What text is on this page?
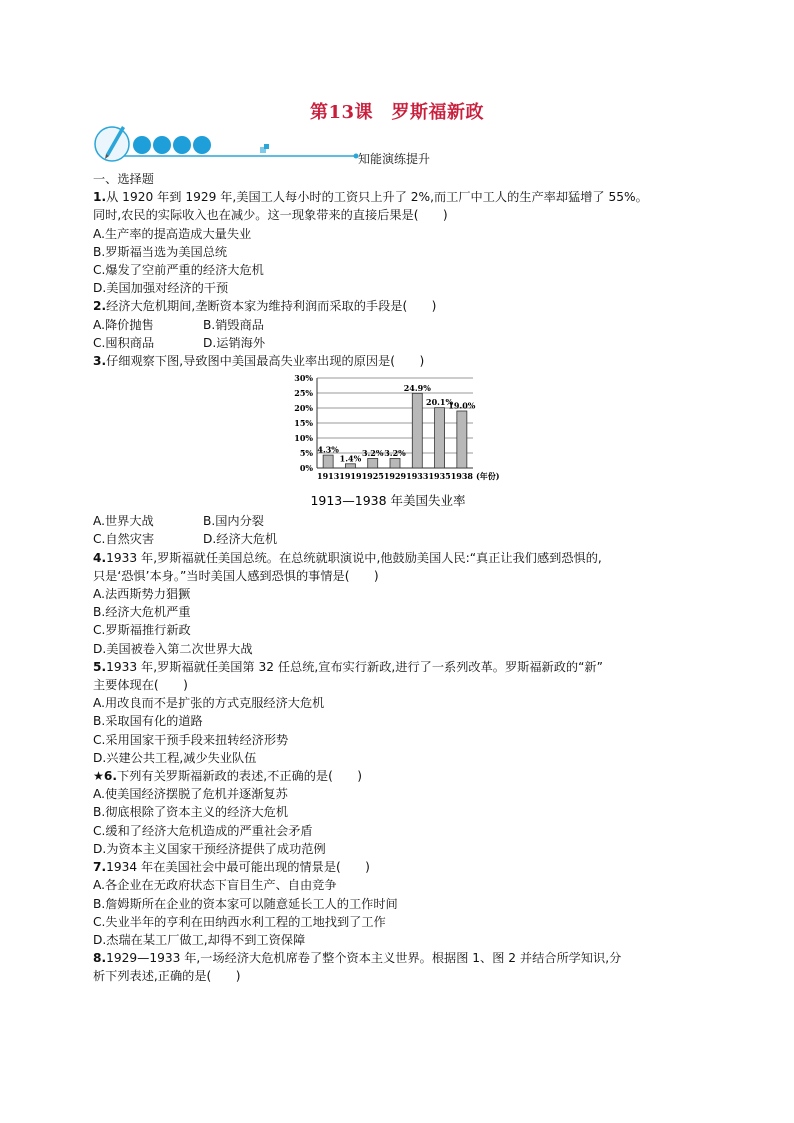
第13课　罗斯福新政
知能演练提升

一、选择题

1.从 1920 年到 1929 年,美国工人每小时的工资只上升了 2%,而工厂中工人的生产率却猛增了 55%。

同时,农民的实际收入也在减少。这一现象带来的直接后果是(　　)

A.生产率的提高造成大量失业

B.罗斯福当选为美国总统

C.爆发了空前严重的经济大危机

D.美国加强对经济的干预

2.经济大危机期间,垄断资本家为维持利润而采取的手段是(　　)

A.降价抛售	B.销毁商品

C.囤积商品	D.运销海外

3.仔细观察下图,导致图中美国最高失业率出现的原因是(　　)

0%
5%
10%
15%
20%
25%
30%
4.3%
1913
1.4%
1919
3.2%
1925
3.2%
1929
24.9%
1933
20.1%
1935
19.0%
1938 (年份)
1913—1938 年美国失业率

A.世界大战	B.国内分裂

C.自然灾害	D.经济大危机

4.1933 年,罗斯福就任美国总统。在总统就职演说中,他鼓励美国人民:“真正让我们感到恐惧的,

只是‘恐惧’本身。”当时美国人感到恐惧的事情是(　　)

A.法西斯势力猖獗

B.经济大危机严重

C.罗斯福推行新政

D.美国被卷入第二次世界大战

5.1933 年,罗斯福就任美国第 32 任总统,宣布实行新政,进行了一系列改革。罗斯福新政的“新”

主要体现在(　　)

A.用改良而不是扩张的方式克服经济大危机

B.采取国有化的道路

C.采用国家干预手段来扭转经济形势

D.兴建公共工程,减少失业队伍

★6.下列有关罗斯福新政的表述,不正确的是(　　)

A.使美国经济摆脱了危机并逐渐复苏

B.彻底根除了资本主义的经济大危机

C.缓和了经济大危机造成的严重社会矛盾

D.为资本主义国家干预经济提供了成功范例

7.1934 年在美国社会中最可能出现的情景是(　　)

A.各企业在无政府状态下盲目生产、自由竞争

B.詹姆斯所在企业的资本家可以随意延长工人的工作时间

C.失业半年的亨利在田纳西水利工程的工地找到了工作

D.杰瑞在某工厂做工,却得不到工资保障

8.1929—1933 年,一场经济大危机席卷了整个资本主义世界。根据图 1、图 2 并结合所学知识,分

析下列表述,正确的是(　　)
